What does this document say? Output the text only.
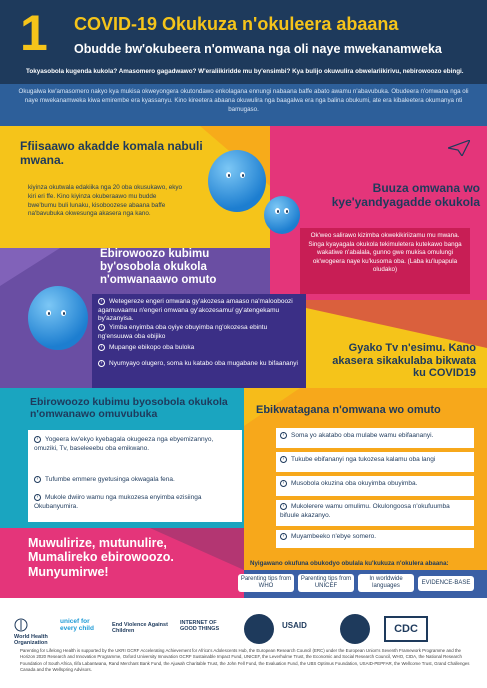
1 COVID-19 Okukuza n'okuleera abaana
Obudde bw'okubeera n'omwana nga oli naye mwekanamweka
Tokyasobola kugenda kukola? Amasomero gagadwawo? W'eraliikiridde mu by'ensimbi? Kya bulijo okuwulira obwelariikirivu, nebirowoozo ebingi.
Okugalwa kw'amasomero nakyo kya mukisa okweyongera okutondawo enkolagana ennungi nabaana baffe abato awamu n'abavubuka. Obudeera n'omwana nga oli naye mwekanamweka kiwa emirembe era kyassanyu. Kino kireetera abaana okuwulira nga baagalwa era nga balina obukumi, ate era kibaleetera okumanya nti bamugaso.
Ffiisaawo akadde komala nabuli mwana.
kiyinza okutwala edakiika nga 20 oba okusukawo, ekyo kiri eri ffe. Kino kiyinza okuberaawo mu budde bwe'bumu buli lunaku, kisoboozese abaana baffe na'bavubuka okwesunga akasera nga kano.
Buuza omwana wo kye'yandyagadde okukola
Ok'weo salirawo kizimba okwekikiriizamu mu mwana. Singa kyayagala okukola tekimuletera kutekawo banga wakatiwe n'abalala, gunno gwe mukisa omulungi ok'wogeera naye ku'kusoma oba. (Laba ku'lupapula oludako)
Ebirowoozo kubimu by'osobola okukola n'omwanaawo omuto
› Wetegereze engeri omwana gy'akozesa amaaso na'malooboozi agamuvaamu n'engeri omwana gy'akozesamu/ gy'atengekamu by'azanyisa.
› Yimba enyimba oba oyiye obuyimba ng'okozesa ebintu ng'ensuuwa oba ebijiko
› Mupange ebikopo oba buloka
› Nyumyayo olugero, soma ku katabo oba mugabane ku bifaananyi
Gyako Tv n'esimu. Kano akasera sikakulaba bikwata ku COVID19
Ebirowoozo kubimu byosobola okukola n'omwanawo omuvubuka
› Yogeera kw'ekyo kyebagala okugeeza nga ebyemizannyo, omuziki, Tv, baseleeebu oba emikwano.
› Tufumbe emmere gyetusinga okwagala fena.
› Mukole dwiiro wamu nga mukozesa enyimba ezisiinga Okubanyumira.
Ebikwatagana n'omwana wo omuto
› Soma yo akatabo oba mulabe wamu ebifaananyi.
› Tukube ebifananyi nga tukozesa kalamu oba langi
› Musobola okuzina oba okuyimba obuyimba.
› Mukolerere wamu omulimu. Okulongoosa n'okufuumba bifuule akazanyo.
› Muyambeeko n'ebye somero.
Muwulirize, mutunulire, Mumalireko ebirowoozo. Munyumirwe!
Nyigawano okufuna obukodyo obulala ku'kukuza n'okulera abaana:
Parenting tips from WHO
Parenting tips from UNICEF
In worldwide languages
EVIDENCE-BASE
World Health Organization
unicef for every child
End Violence Against Children
INTERNET OF GOOD THINGS	USAID	CDC
Parenting for Lifelong Health is supported by the UKRI GCRF Accelerating Achievement for Africa's Adolescents Hub, the European Research Council (ERC) under the European Union's Seventh Framework Programme and the Horizon 2020 Research and Innovation Programme, Oxford University Innovation GCRF Sustainable Impact Fund, UNICEF, the Leverhulme Trust, the Economic and Social Research Council, WHO, CIDA, the National Research Foundation of South Africa, Ilifa Labantwana, Rand Merchant Bank Fund, the Ajuwah Charitable Trust, the John Fell Fund, the Evaluation Fund, the UBS Optimus Foundation, USAID-PEPFAR, the Wellcome Trust, Grand Challenges Canada and the Wellspring Advisors.
